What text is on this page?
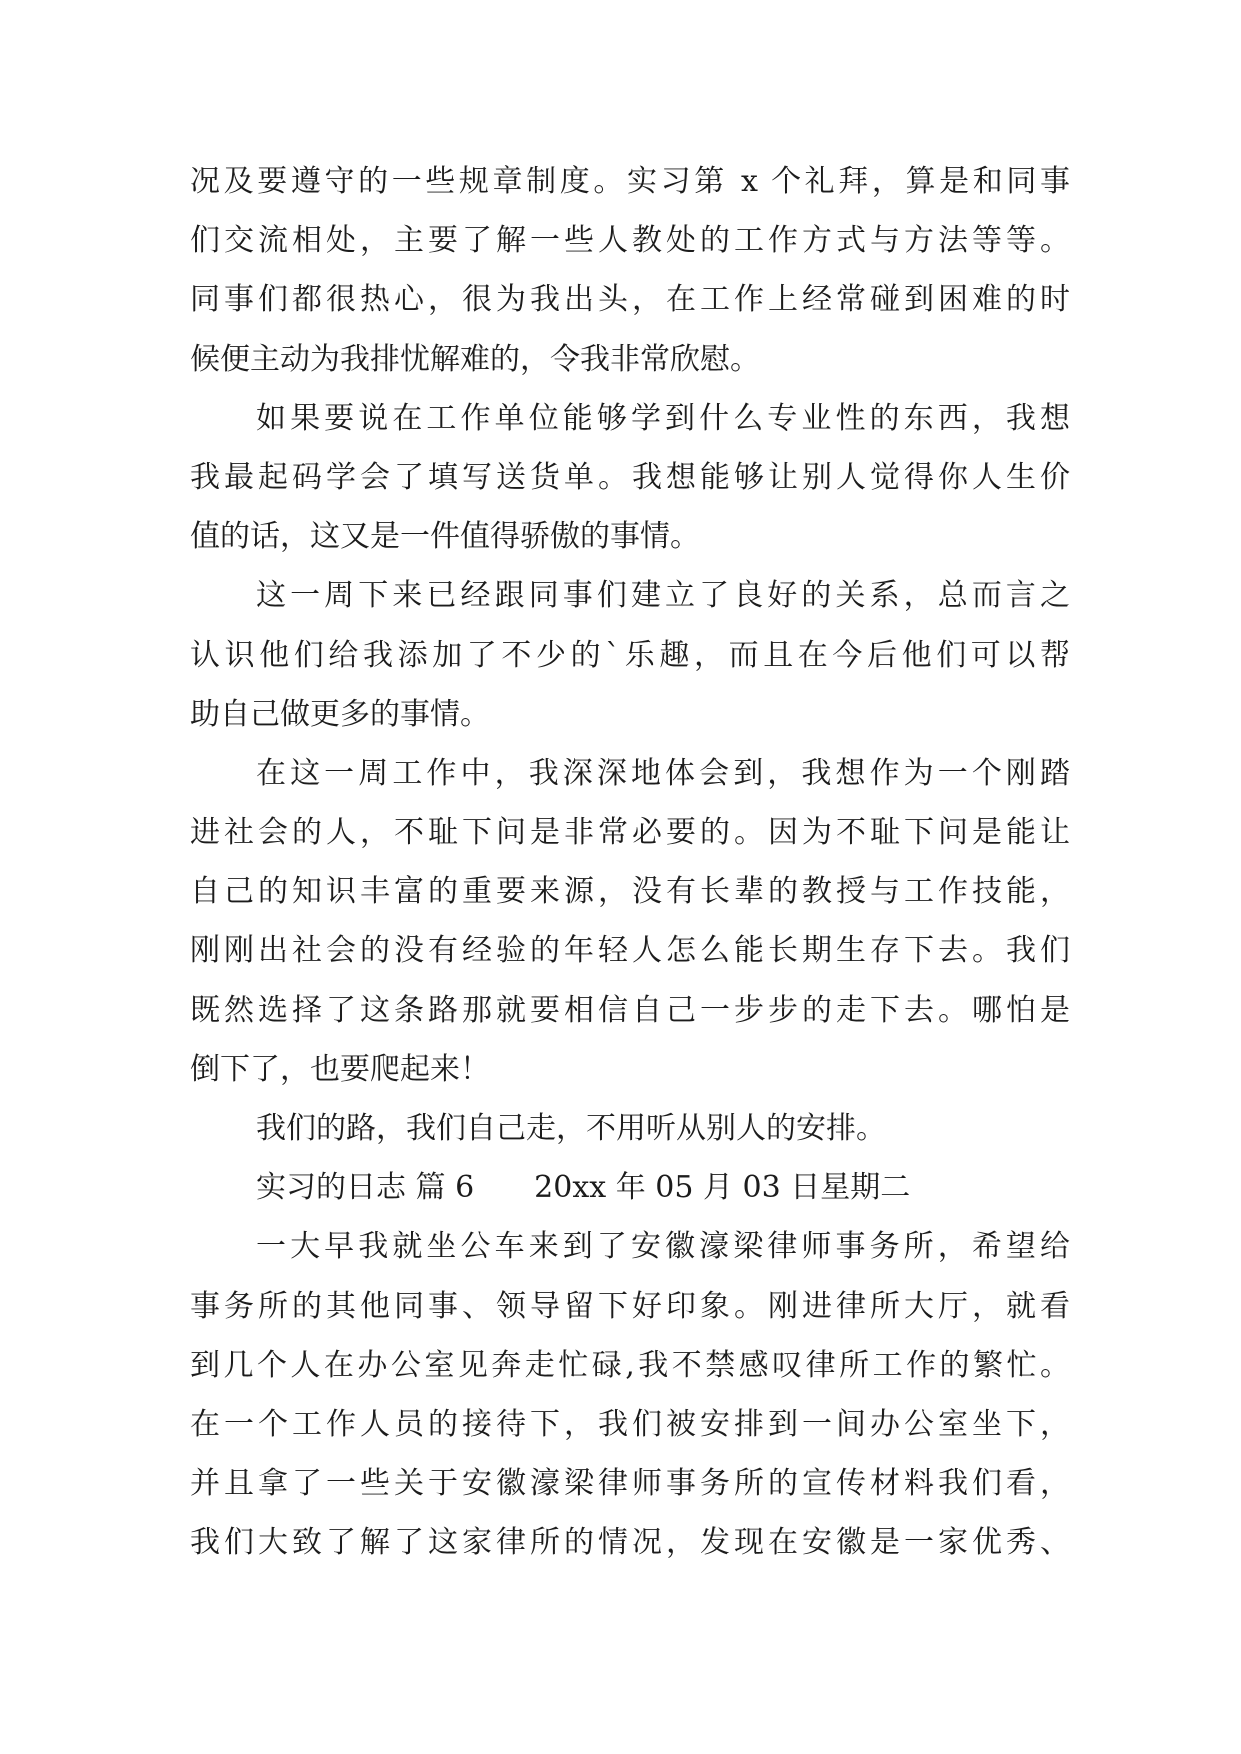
况及要遵守的一些规章制度。实习第 x 个礼拜，算是和同事
们交流相处，主要了解一些人教处的工作方式与方法等等。
同事们都很热心，很为我出头，在工作上经常碰到困难的时
候便主动为我排忧解难的，令我非常欣慰。
如果要说在工作单位能够学到什么专业性的东西，我想
我最起码学会了填写送货单。我想能够让别人觉得你人生价
值的话，这又是一件值得骄傲的事情。
这一周下来已经跟同事们建立了良好的关系，总而言之
认识他们给我添加了不少的`乐趣，而且在今后他们可以帮
助自己做更多的事情。
在这一周工作中，我深深地体会到，我想作为一个刚踏
进社会的人，不耻下问是非常必要的。因为不耻下问是能让
自己的知识丰富的重要来源，没有长辈的教授与工作技能，
刚刚出社会的没有经验的年轻人怎么能长期生存下去。我们
既然选择了这条路那就要相信自己一步步的走下去。哪怕是
倒下了，也要爬起来！
我们的路，我们自己走，不用听从别人的安排。
实习的日志 篇 6 20xx 年 05 月 03 日星期二
一大早我就坐公车来到了安徽濠梁律师事务所，希望给
事务所的其他同事、领导留下好印象。刚进律所大厅，就看
到几个人在办公室见奔走忙碌,我不禁感叹律所工作的繁忙。
在一个工作人员的接待下，我们被安排到一间办公室坐下，
并且拿了一些关于安徽濠梁律师事务所的宣传材料我们看，
我们大致了解了这家律所的情况，发现在安徽是一家优秀、
